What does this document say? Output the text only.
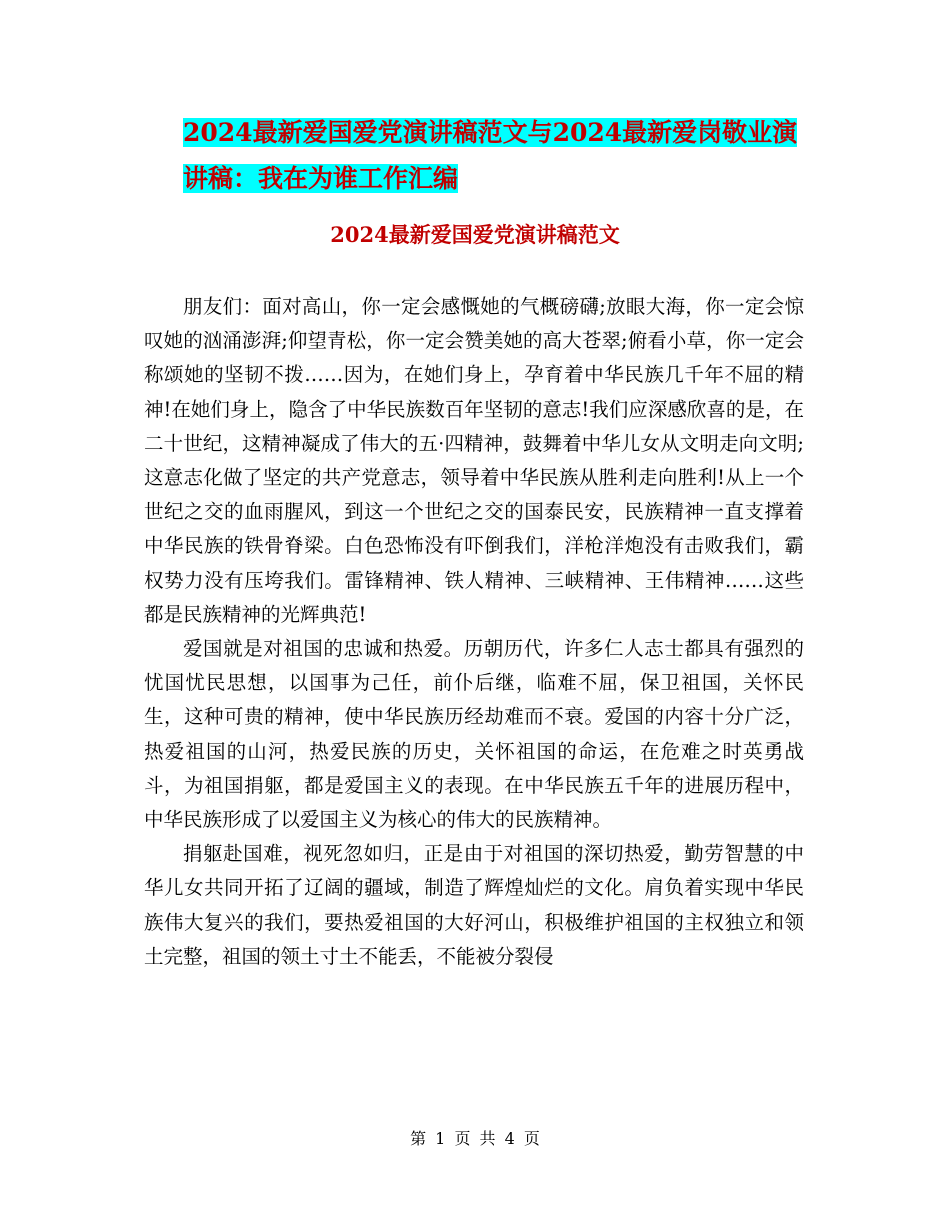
2024最新爱国爱党演讲稿范文与2024最新爱岗敬业演
讲稿：我在为谁工作汇编
2024最新爱国爱党演讲稿范文

朋友们：面对高山，你一定会感慨她的气概磅礴;放眼大海，你一定会惊叹她的汹涌澎湃;仰望青松，你一定会赞美她的高大苍翠;俯看小草，你一定会称颂她的坚韧不拨……因为，在她们身上，孕育着中华民族几千年不屈的精神!在她们身上，隐含了中华民族数百年坚韧的意志!我们应深感欣喜的是，在二十世纪，这精神凝成了伟大的五·四精神，鼓舞着中华儿女从文明走向文明;这意志化做了坚定的共产党意志，领导着中华民族从胜利走向胜利!从上一个世纪之交的血雨腥风，到这一个世纪之交的国泰民安，民族精神一直支撑着中华民族的铁骨脊梁。白色恐怖没有吓倒我们，洋枪洋炮没有击败我们，霸权势力没有压垮我们。雷锋精神、铁人精神、三峡精神、王伟精神……这些都是民族精神的光辉典范!

爱国就是对祖国的忠诚和热爱。历朝历代，许多仁人志士都具有强烈的忧国忧民思想，以国事为己任，前仆后继，临难不屈，保卫祖国，关怀民生，这种可贵的精神，使中华民族历经劫难而不衰。爱国的内容十分广泛，热爱祖国的山河，热爱民族的历史，关怀祖国的命运，在危难之时英勇战斗，为祖国捐躯，都是爱国主义的表现。在中华民族五千年的进展历程中，中华民族形成了以爱国主义为核心的伟大的民族精神。

捐躯赴国难，视死忽如归，正是由于对祖国的深切热爱，勤劳智慧的中华儿女共同开拓了辽阔的疆域，制造了辉煌灿烂的文化。肩负着实现中华民族伟大复兴的我们，要热爱祖国的大好河山，积极维护祖国的主权独立和领土完整，祖国的领土寸土不能丢，不能被分裂侵

第 1 页 共 4 页
